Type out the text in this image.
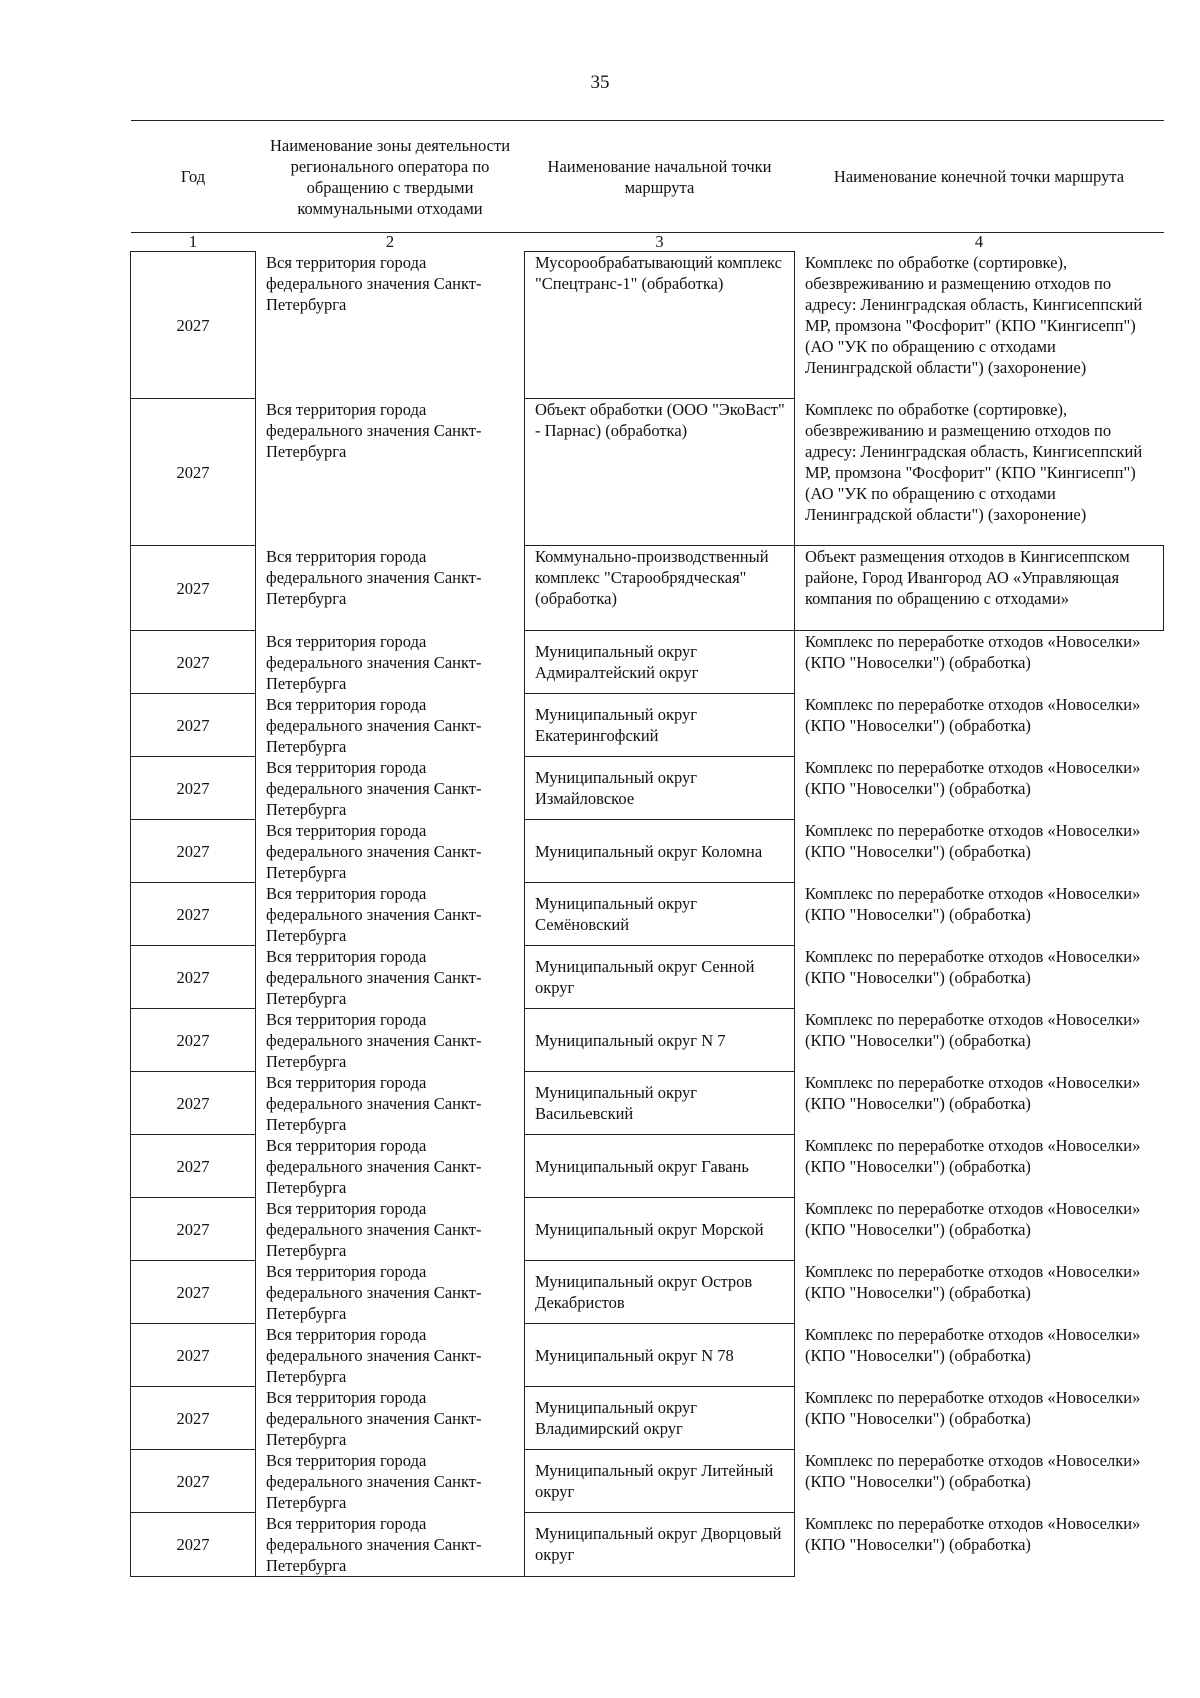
35
Год	Наименование зоны деятельности регионального оператора по обращению с твердыми коммунальными отходами	Наименование начальной точки маршрута	Наименование конечной точки маршрута
1	2	3	4
2027	Вся территория города федерального значения Санкт-Петербурга	Мусорообрабатывающий комплекс "Спецтранс-1" (обработка)	Комплекс по обработке (сортировке), обезвреживанию и размещению отходов по адресу: Ленинградская область, Кингисеппский МР, промзона "Фосфорит" (КПО "Кингисепп") (АО "УК по обращению с отходами Ленинградской области") (захоронение)
2027	Вся территория города федерального значения Санкт-Петербурга	Объект обработки (ООО "ЭкоВаст" - Парнас) (обработка)	Комплекс по обработке (сортировке), обезвреживанию и размещению отходов по адресу: Ленинградская область, Кингисеппский МР, промзона "Фосфорит" (КПО "Кингисепп") (АО "УК по обращению с отходами Ленинградской области") (захоронение)
2027	Вся территория города федерального значения Санкт-Петербурга	Коммунально-производственный комплекс "Старообрядческая" (обработка)	Объект размещения отходов в Кингисеппском районе, Город Ивангород АО «Управляющая компания по обращению с отходами»
2027	Вся территория города федерального значения Санкт-Петербурга	Муниципальный округ Адмиралтейский округ	Комплекс по переработке отходов «Новоселки» (КПО "Новоселки") (обработка)
2027	Вся территория города федерального значения Санкт-Петербурга	Муниципальный округ Екатерингофский	Комплекс по переработке отходов «Новоселки» (КПО "Новоселки") (обработка)
2027	Вся территория города федерального значения Санкт-Петербурга	Муниципальный округ Измайловское	Комплекс по переработке отходов «Новоселки» (КПО "Новоселки") (обработка)
2027	Вся территория города федерального значения Санкт-Петербурга	Муниципальный округ Коломна	Комплекс по переработке отходов «Новоселки» (КПО "Новоселки") (обработка)
2027	Вся территория города федерального значения Санкт-Петербурга	Муниципальный округ Семёновский	Комплекс по переработке отходов «Новоселки» (КПО "Новоселки") (обработка)
2027	Вся территория города федерального значения Санкт-Петербурга	Муниципальный округ Сенной округ	Комплекс по переработке отходов «Новоселки» (КПО "Новоселки") (обработка)
2027	Вся территория города федерального значения Санкт-Петербурга	Муниципальный округ N 7	Комплекс по переработке отходов «Новоселки» (КПО "Новоселки") (обработка)
2027	Вся территория города федерального значения Санкт-Петербурга	Муниципальный округ Васильевский	Комплекс по переработке отходов «Новоселки» (КПО "Новоселки") (обработка)
2027	Вся территория города федерального значения Санкт-Петербурга	Муниципальный округ Гавань	Комплекс по переработке отходов «Новоселки» (КПО "Новоселки") (обработка)
2027	Вся территория города федерального значения Санкт-Петербурга	Муниципальный округ Морской	Комплекс по переработке отходов «Новоселки» (КПО "Новоселки") (обработка)
2027	Вся территория города федерального значения Санкт-Петербурга	Муниципальный округ Остров Декабристов	Комплекс по переработке отходов «Новоселки» (КПО "Новоселки") (обработка)
2027	Вся территория города федерального значения Санкт-Петербурга	Муниципальный округ N 78	Комплекс по переработке отходов «Новоселки» (КПО "Новоселки") (обработка)
2027	Вся территория города федерального значения Санкт-Петербурга	Муниципальный округ Владимирский округ	Комплекс по переработке отходов «Новоселки» (КПО "Новоселки") (обработка)
2027	Вся территория города федерального значения Санкт-Петербурга	Муниципальный округ Литейный округ	Комплекс по переработке отходов «Новоселки» (КПО "Новоселки") (обработка)
2027	Вся территория города федерального значения Санкт-Петербурга	Муниципальный округ Дворцовый округ	Комплекс по переработке отходов «Новоселки» (КПО "Новоселки") (обработка)
